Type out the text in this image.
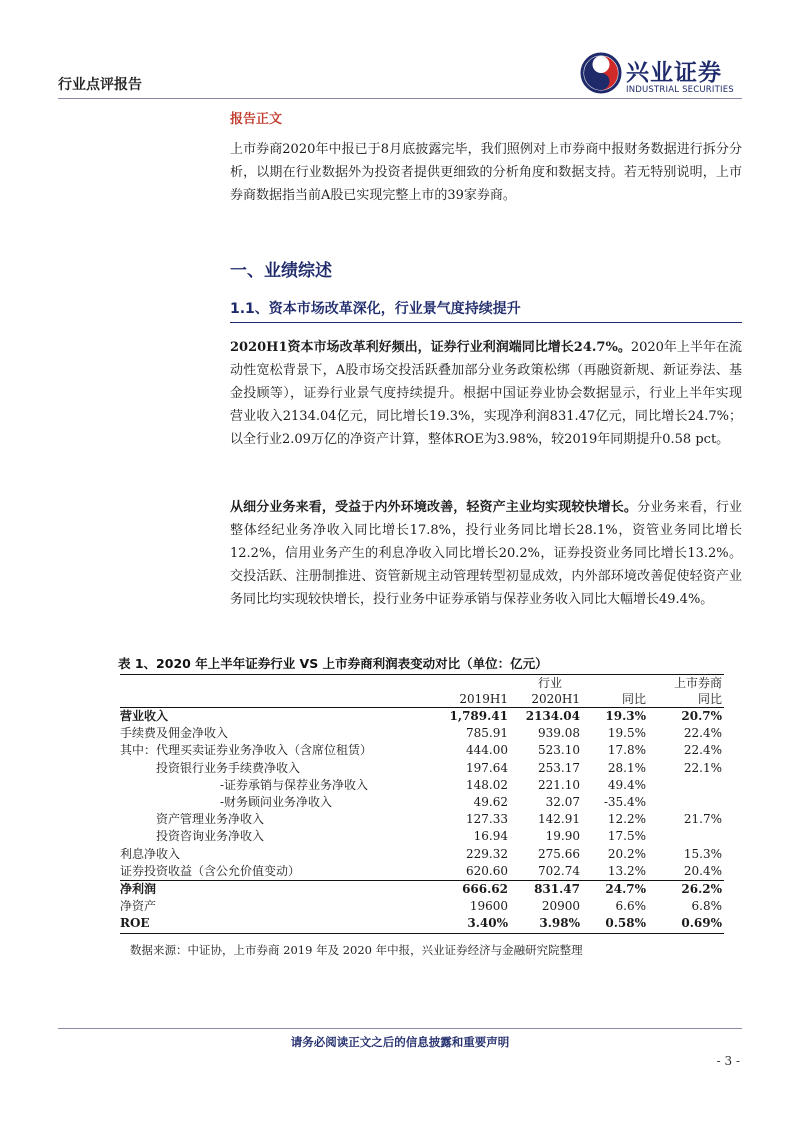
行业点评报告	兴业证券
INDUSTRIAL SECURITIES
报告正文
上市券商2020年中报已于8月底披露完毕，我们照例对上市券商中报财务数据进行拆分分析，以期在行业数据外为投资者提供更细致的分析角度和数据支持。若无特别说明，上市券商数据指当前A股已实现完整上市的39家券商。
一、业绩综述
1.1、资本市场改革深化，行业景气度持续提升
2020H1资本市场改革利好频出，证券行业利润端同比增长24.7%。2020年上半年在流动性宽松背景下，A股市场交投活跃叠加部分业务政策松绑（再融资新规、新证券法、基金投顾等），证券行业景气度持续提升。根据中国证券业协会数据显示，行业上半年实现营业收入2134.04亿元，同比增长19.3%，实现净利润831.47亿元，同比增长24.7%；以全行业2.09万亿的净资产计算，整体ROE为3.98%，较2019年同期提升0.58 pct。
从细分业务来看，受益于内外环境改善，轻资产主业均实现较快增长。分业务来看，行业整体经纪业务净收入同比增长17.8%，投行业务同比增长28.1%，资管业务同比增长12.2%，信用业务产生的利息净收入同比增长20.2%，证券投资业务同比增长13.2%。交投活跃、注册制推进、资管新规主动管理转型初显成效，内外部环境改善促使轻资产业务同比均实现较快增长，投行业务中证券承销与保荐业务收入同比大幅增长49.4%。
表 1、2020 年上半年证券行业 VS 上市券商利润表变动对比（单位：亿元）
	行业			上市券商
	2019H1	2020H1	同比	同比
营业收入	1,789.41	2134.04	19.3%	20.7%
手续费及佣金净收入	785.91	939.08	19.5%	22.4%
其中：代理买卖证券业务净收入（含席位租赁）	444.00	523.10	17.8%	22.4%
投资银行业务手续费净收入	197.64	253.17	28.1%	22.1%
-证券承销与保荐业务净收入	148.02	221.10	49.4%	
-财务顾问业务净收入	49.62	32.07	-35.4%	
资产管理业务净收入	127.33	142.91	12.2%	21.7%
投资咨询业务净收入	16.94	19.90	17.5%	
利息净收入	229.32	275.66	20.2%	15.3%
证券投资收益（含公允价值变动）	620.60	702.74	13.2%	20.4%
净利润	666.62	831.47	24.7%	26.2%
净资产	19600	20900	6.6%	6.8%
ROE	3.40%	3.98%	0.58%	0.69%
数据来源：中证协，上市券商 2019 年及 2020 年中报，兴业证券经济与金融研究院整理
请务必阅读正文之后的信息披露和重要声明
- 3 -
